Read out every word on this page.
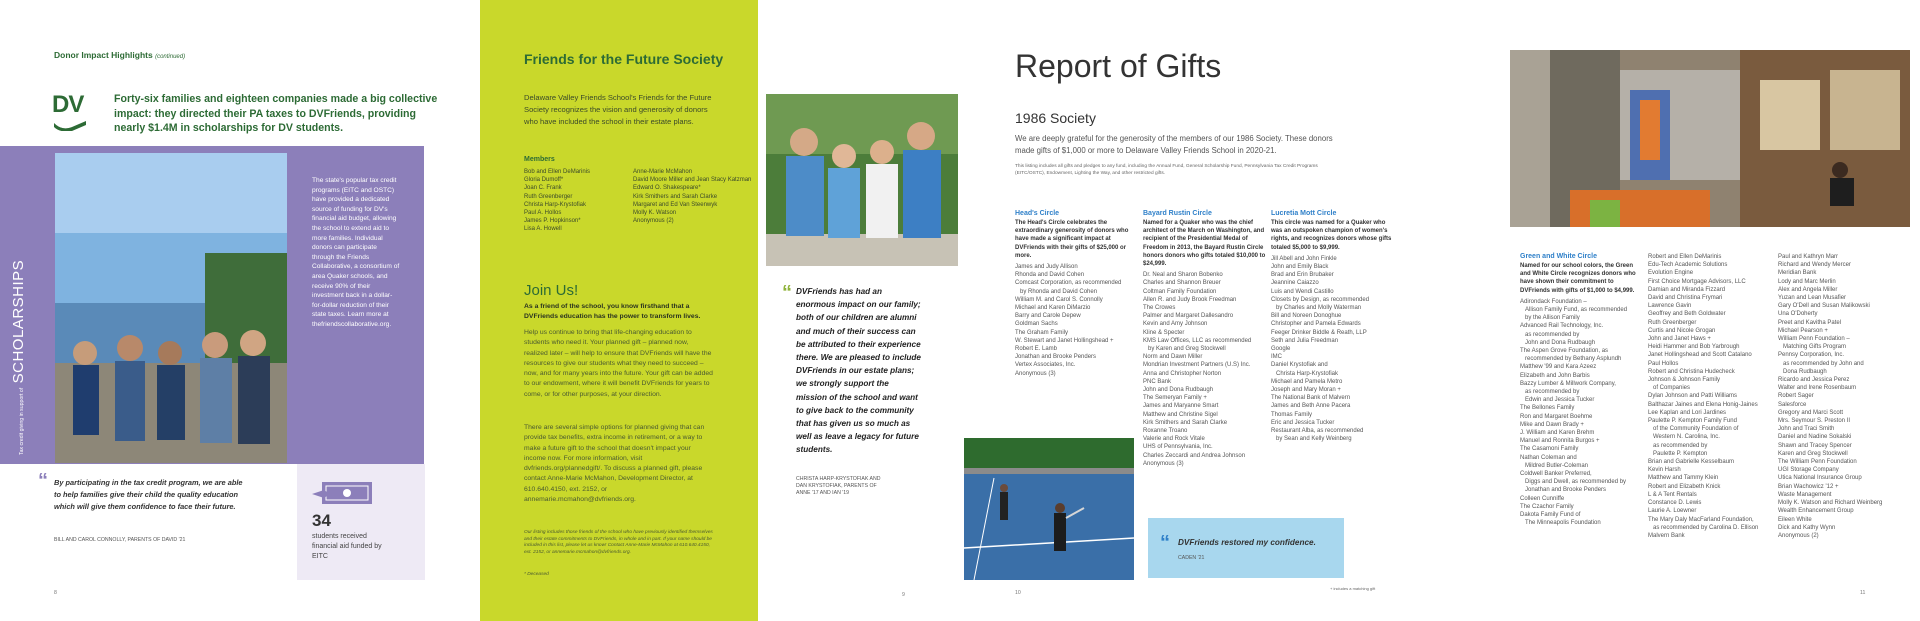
Donor Impact Highlights (continued)
DV	Forty-six families and eighteen companies made a big collective impact: they directed their PA taxes to DVFriends, providing nearly $1.4M in scholarships for DV students.
Tax credit giving in support of SCHOLARSHIPS
The state's popular tax credit programs (EITC and OSTC) have provided a dedicated source of funding for DV's financial aid budget, allowing the school to extend aid to more families. Individual donors can participate through the Friends Collaborative, a consortium of area Quaker schools, and receive 90% of their investment back in a dollar-for-dollar reduction of their state taxes. Learn more at thefriendscollaborative.org.
“ By participating in the tax credit program, we are able to help families give their child the quality education which will give them confidence to face their future.
BILL AND CAROL CONNOLLY, PARENTS OF DAVID '21
34
students received financial aid funded by EITC
8
Friends for the Future Society
Delaware Valley Friends School's Friends for the Future Society recognizes the vision and generosity of donors who have included the school in their estate plans.
Members
Bob and Ellen DeMarinis
Gloria Dumoff*
Joan C. Frank
Ruth Greenberger
Christa Harp-Krystofiak
Paul A. Hollos
James P. Hopkinson*
Lisa A. Howell
Anne-Marie McMahon
David Moore Miller and Jean Stacy Katzman
Edward O. Shakespeare*
Kirk Smithers and Sarah Clarke
Margaret and Ed Van Steenwyk
Molly K. Watson
Anonymous (2)
Join Us!
As a friend of the school, you know firsthand that a DVFriends education has the power to transform lives.
Help us continue to bring that life-changing education to students who need it. Your planned gift – planned now, realized later – will help to ensure that DVFriends will have the resources to give our students what they need to succeed – now, and for many years into the future. Your gift can be added to our endowment, where it will benefit DVFriends for years to come, or for other purposes, at your direction.
There are several simple options for planned giving that can provide tax benefits, extra income in retirement, or a way to make a future gift to the school that doesn't impact your income now. For more information, visit dvfriends.org/plannedgift/. To discuss a planned gift, please contact Anne-Marie McMahon, Development Director, at 610.640.4150, ext. 2152, or annemarie.mcmahon@dvfriends.org.
Our listing includes those friends of the school who have previously identified themselves and their estate commitments to DVFriends, in whole and in part. If your name should be included in this list, please let us know! Contact Anne-Marie McMahon at 610.640.4150, ext. 2152, or annemarie.mcmahon@dvfriends.org.
* Deceased
“ DVFriends has had an enormous impact on our family; both of our children are alumni and much of their success can be attributed to their experience there. We are pleased to include DVFriends in our estate plans; we strongly support the mission of the school and want to give back to the community that has given us so much as well as leave a legacy for future students.
CHRISTA HARP-KRYSTOFIAK AND
DAN KRYSTOFIAK, PARENTS OF
ANNE '17 AND IAN '19
9
Report of Gifts
1986 Society
We are deeply grateful for the generosity of the members of our 1986 Society. These donors made gifts of $1,000 or more to Delaware Valley Friends School in 2020-21.
This listing includes all gifts and pledges to any fund, including the Annual Fund, General Scholarship Fund, Pennsylvania Tax Credit Programs (EITC/OSTC), Endowment, Lighting the Way, and other restricted gifts.
Head's Circle
The Head's Circle celebrates the extraordinary generosity of donors who have made a significant impact at DVFriends with their gifts of $25,000 or more.
James and Judy Allison
Rhonda and David Cohen
Comcast Corporation, as recommended
by Rhonda and David Cohen
William M. and Carol S. Connolly
Michael and Karen DiMarzio
Barry and Carole Depew
Goldman Sachs
The Graham Family
W. Stewart and Janet Hollingshead +
Robert E. Lamb
Jonathan and Brooke Penders
Vertex Associates, Inc.
Anonymous (3)
Bayard Rustin Circle
Named for a Quaker who was the chief architect of the March on Washington, and recipient of the Presidential Medal of Freedom in 2013, the Bayard Rustin Circle honors donors who gifts totaled $10,000 to $24,999.
Dr. Neal and Sharon Bobenko
Charles and Shannon Breuer
Coltman Family Foundation
Allen R. and Judy Brook Freedman
The Crowes
Palmer and Margaret Dallesandro
Kevin and Amy Johnson
Kline & Specter
KMS Law Offices, LLC as recommended
by Karen and Greg Stockwell
Norm and Dawn Miller
Mondrian Investment Partners (U.S) Inc.
Anna and Christopher Norton
PNC Bank
John and Dona Rudbaugh
The Semeryan Family +
James and Maryanne Smart
Matthew and Christine Sigel
Kirk Smithers and Sarah Clarke
Roxanne Troano
Valerie and Rock Vitale
UHS of Pennsylvania, Inc.
Charles Zeccardi and Andrea Johnson
Anonymous (3)
Lucretia Mott Circle
This circle was named for a Quaker who was an outspoken champion of women's rights, and recognizes donors whose gifts totaled $5,000 to $9,999.
Jill Abell and John Finkle
John and Emily Black
Brad and Erin Brubaker
Jeannine Caiazzo
Luis and Wendi Castillo
Closets by Design, as recommended
by Charles and Molly Waterman
Bill and Noreen Donoghue
Christopher and Pamela Edwards
Feeger Drinker Biddle & Reath, LLP
Seth and Julia Freedman
Google
IMC
Daniel Krystofiak and
Christa Harp-Krystofiak
Michael and Pamela Metro
Joseph and Mary Moran +
The National Bank of Malvern
James and Beth Anne Pacera
Thomas Family
Eric and Jessica Tucker
Restaurant Alba, as recommended
by Sean and Kelly Weinberg
“ DVFriends restored my confidence.
CADEN '21
10
+ includes a matching gift
Green and White Circle
Named for our school colors, the Green and White Circle recognizes donors who have shown their commitment to DVFriends with gifts of $1,000 to $4,999.
Adirondack Foundation –
Allison Family Fund, as recommended
by the Allison Family
Advanced Rail Technology, Inc.
as recommended by
John and Dona Rudbaugh
The Aspen Grove Foundation, as
recommended by Bethany Asplundh
Matthew '99 and Kara Azeez
Elizabeth and John Barbis
Bazzy Lumber & Millwork Company,
as recommended by
Edwin and Jessica Tucker
The Bellones Family
Ron and Margaret Boehme
Mike and Dawn Brady +
J. William and Karen Brehm
Manuel and Ronnita Burgos +
The Casamoni Family
Nathan Coleman and
Mildred Butler-Coleman
Coldwell Banker Preferred,
Diggs and Dwell, as recommended by
Jonathan and Brooke Penders
Colleen Cunniffe
The Czachor Family
Dakota Family Fund of
The Minneapolis Foundation
Robert and Ellen DeMarinis
Edu-Tech Academic Solutions
Evolution Engine
First Choice Mortgage Advisors, LLC
Damian and Miranda Fizzard
David and Christina Frymari
Lawrence Gavin
Geoffrey and Beth Goldwater
Ruth Greenberger
Curtis and Nicole Grogan
John and Janet Haws +
Heidi Hammer and Bob Yarbrough
Janet Hollingshead and Scott Catalano
Paul Hollos
Robert and Christina Hudecheck
Johnson & Johnson Family
of Companies
Dylan Johnson and Patti Williams
Balthazar Jaines and Elena Honig-Jaines
Lee Kaplan and Lori Jardines
Paulette P. Kempton Family Fund
of the Community Foundation of
Western N. Carolina, Inc.
as recommended by
Paulette P. Kempton
Brian and Gabrielle Kesselbaum
Kevin Harsh
Matthew and Tammy Klein
Robert and Elizabeth Knick
L & A Tent Rentals
Constance D. Lewis
Laurie A. Loewner
The Mary Daly MacFarland Foundation,
as recommended by Carolina D. Ellison
Malvern Bank
Paul and Kathryn Marr
Richard and Wendy Mercer
Meridian Bank
Lody and Marc Merlin
Alex and Angela Miller
Yuzan and Lean Musafier
Gary O'Dell and Susan Malikowski
Una O'Doherty
Preet and Kavitha Patel
Michael Pearson +
William Penn Foundation –
Matching Gifts Program
Pennsy Corporation, Inc.
as recommended by John and
Dona Rudbaugh
Ricardo and Jessica Perez
Walter and Irene Rosenbaum
Robert Sager
Salesforce
Gregory and Marci Scott
Mrs. Seymour S. Preston II
John and Traci Smith
Daniel and Nadine Sokalski
Shawn and Tracey Spencer
Karen and Greg Stockwell
The William Penn Foundation
UGI Storage Company
Utica National Insurance Group
Brian Wachowicz '12 +
Waste Management
Molly K. Watson and Richard Weinberg
Wealth Enhancement Group
Eileen White
Dick and Kathy Wynn
Anonymous (2)
11
